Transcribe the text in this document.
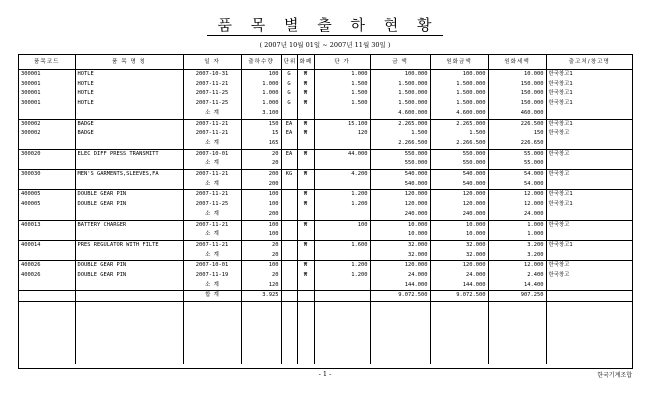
품 목 별 출 하 현 황
( 2007년 10월 01일 ~ 2007년 11월 30일 )
품목코드	품 목 명 칭	일 자	출하수량	단위	화폐	단 가	금 액	원화금액	원화세액	출고처/창고명
300001	HOTLE	2007-10-31	100	G	₩	1.000	100.000	100.000	10.000	한국창고1
300001	HOTLE	2007-11-21	1.000	G	₩	1.500	1.500.000	1.500.000	150.000	한국창고1
300001	HOTLE	2007-11-25	1.000	G	₩	1.500	1.500.000	1.500.000	150.000	한국창고1
300001	HOTLE	2007-11-25	1.000	G	₩	1.500	1.500.000	1.500.000	150.000	한국창고1
		소 계	3.100				4.600.000	4.600.000	460.000	
300002	BADGE	2007-11-21	150	EA	₩	15.100	2.265.000	2.265.000	226.500	한국창고1
300002	BADGE	2007-11-21	15	EA	₩	120	1.500	1.500	150	한국창고
		소 계	165				2.266.500	2.266.500	226.650	
300020	ELEC DIFF PRESS TRANSMITT	2007-10-01	20	EA	₩	44.000	550.000	550.000	55.000	한국창고
		소 계	20				550.000	550.000	55.000	
300030	MEN'S GARMENTS,SLEEVES,FA	2007-11-21	200	KG	₩	4.200	540.000	540.000	54.000	한국창고
		소 계	200				540.000	540.000	54.000	
400005	DOUBLE GEAR PIN	2007-11-21	100		₩	1.200	120.000	120.000	12.000	한국창고1
400005	DOUBLE GEAR PIN	2007-11-25	100		₩	1.200	120.000	120.000	12.000	한국창고1
		소 계	200				240.000	240.000	24.000	
400013	BATTERY CHARGER	2007-11-21	100		₩	100	10.000	10.000	1.000	한국창고
		소 계	100				10.000	10.000	1.000	
400014	PRES REGULATOR WITH FILTE	2007-11-21	20		₩	1.600	32.000	32.000	3.200	한국창고1
		소 계	20				32.000	32.000	3.200	
400026	DOUBLE GEAR PIN	2007-10-01	100		₩	1.200	120.000	120.000	12.000	한국창고
400026	DOUBLE GEAR PIN	2007-11-19	20		₩	1.200	24.000	24.000	2.400	한국창고
		소 계	120				144.000	144.000	14.400	
		합 계	3.925				9.072.500	9.072.500	907.250	

- 1 -	한국기계조합
